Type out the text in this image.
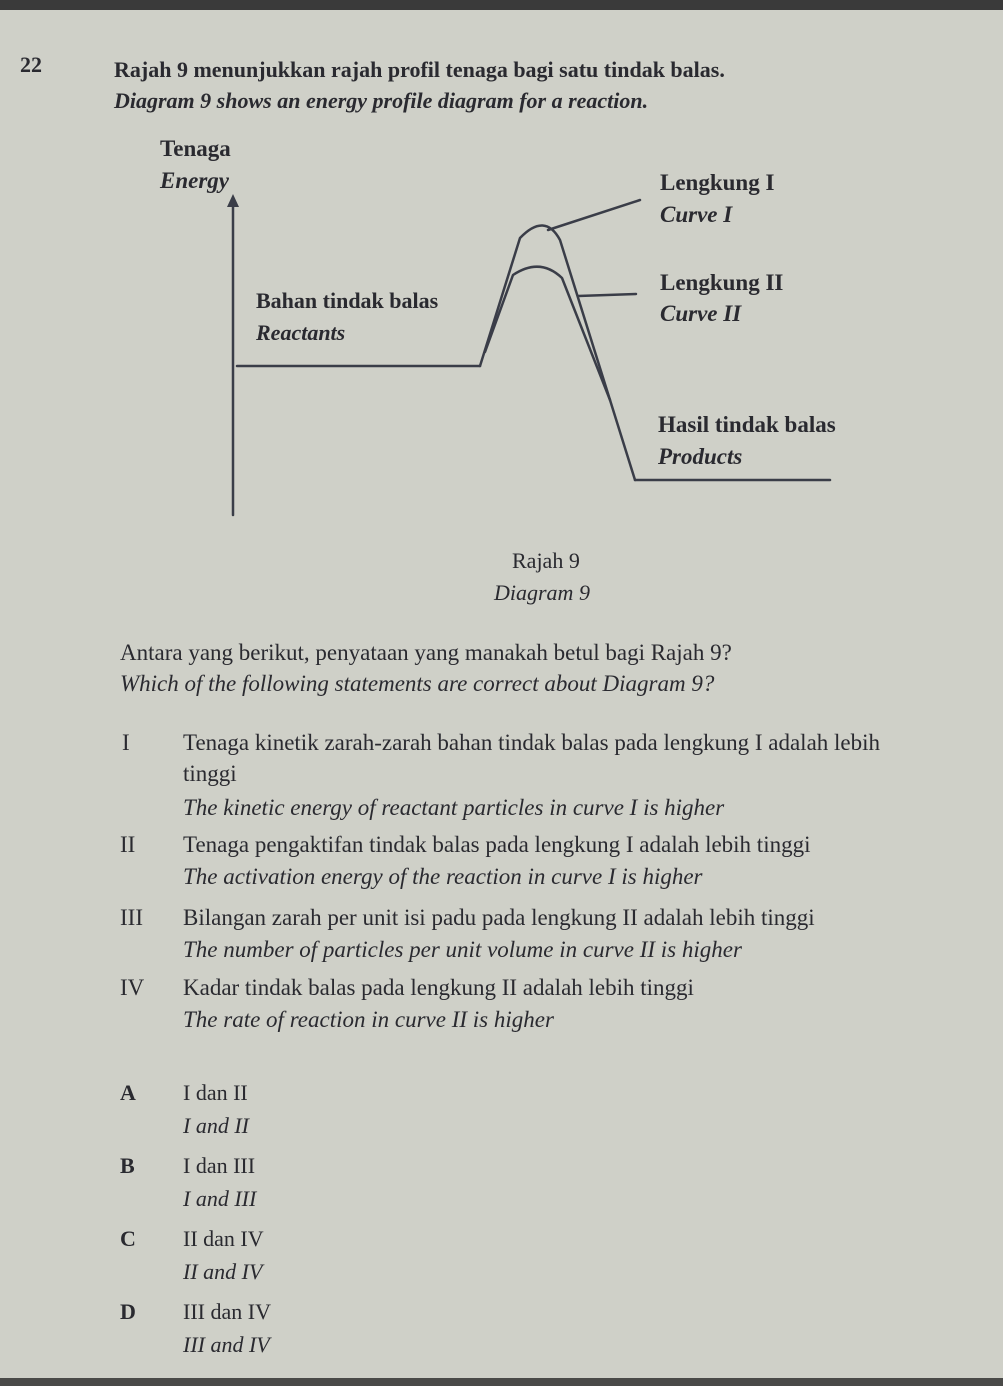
22	Rajah 9 menunjukkan rajah profil tenaga bagi satu tindak balas.
Diagram 9 shows an energy profile diagram for a reaction.
Tenaga
Energy
Bahan tindak balas
Reactants
Lengkung I
Curve I
Lengkung II
Curve II
Hasil tindak balas
Products
Rajah 9
Diagram 9
Antara yang berikut, penyataan yang manakah betul bagi Rajah 9?
Which of the following statements are correct about Diagram 9?
I Tenaga kinetik zarah-zarah bahan tindak balas pada lengkung I adalah lebih
tinggi
The kinetic energy of reactant particles in curve I is higher
II Tenaga pengaktifan tindak balas pada lengkung I adalah lebih tinggi
The activation energy of the reaction in curve I is higher
III Bilangan zarah per unit isi padu pada lengkung II adalah lebih tinggi
The number of particles per unit volume in curve II is higher
IV Kadar tindak balas pada lengkung II adalah lebih tinggi
The rate of reaction in curve II is higher
A I dan II
I and II
B I dan III
I and III
C II dan IV
II and IV
D III dan IV
III and IV
